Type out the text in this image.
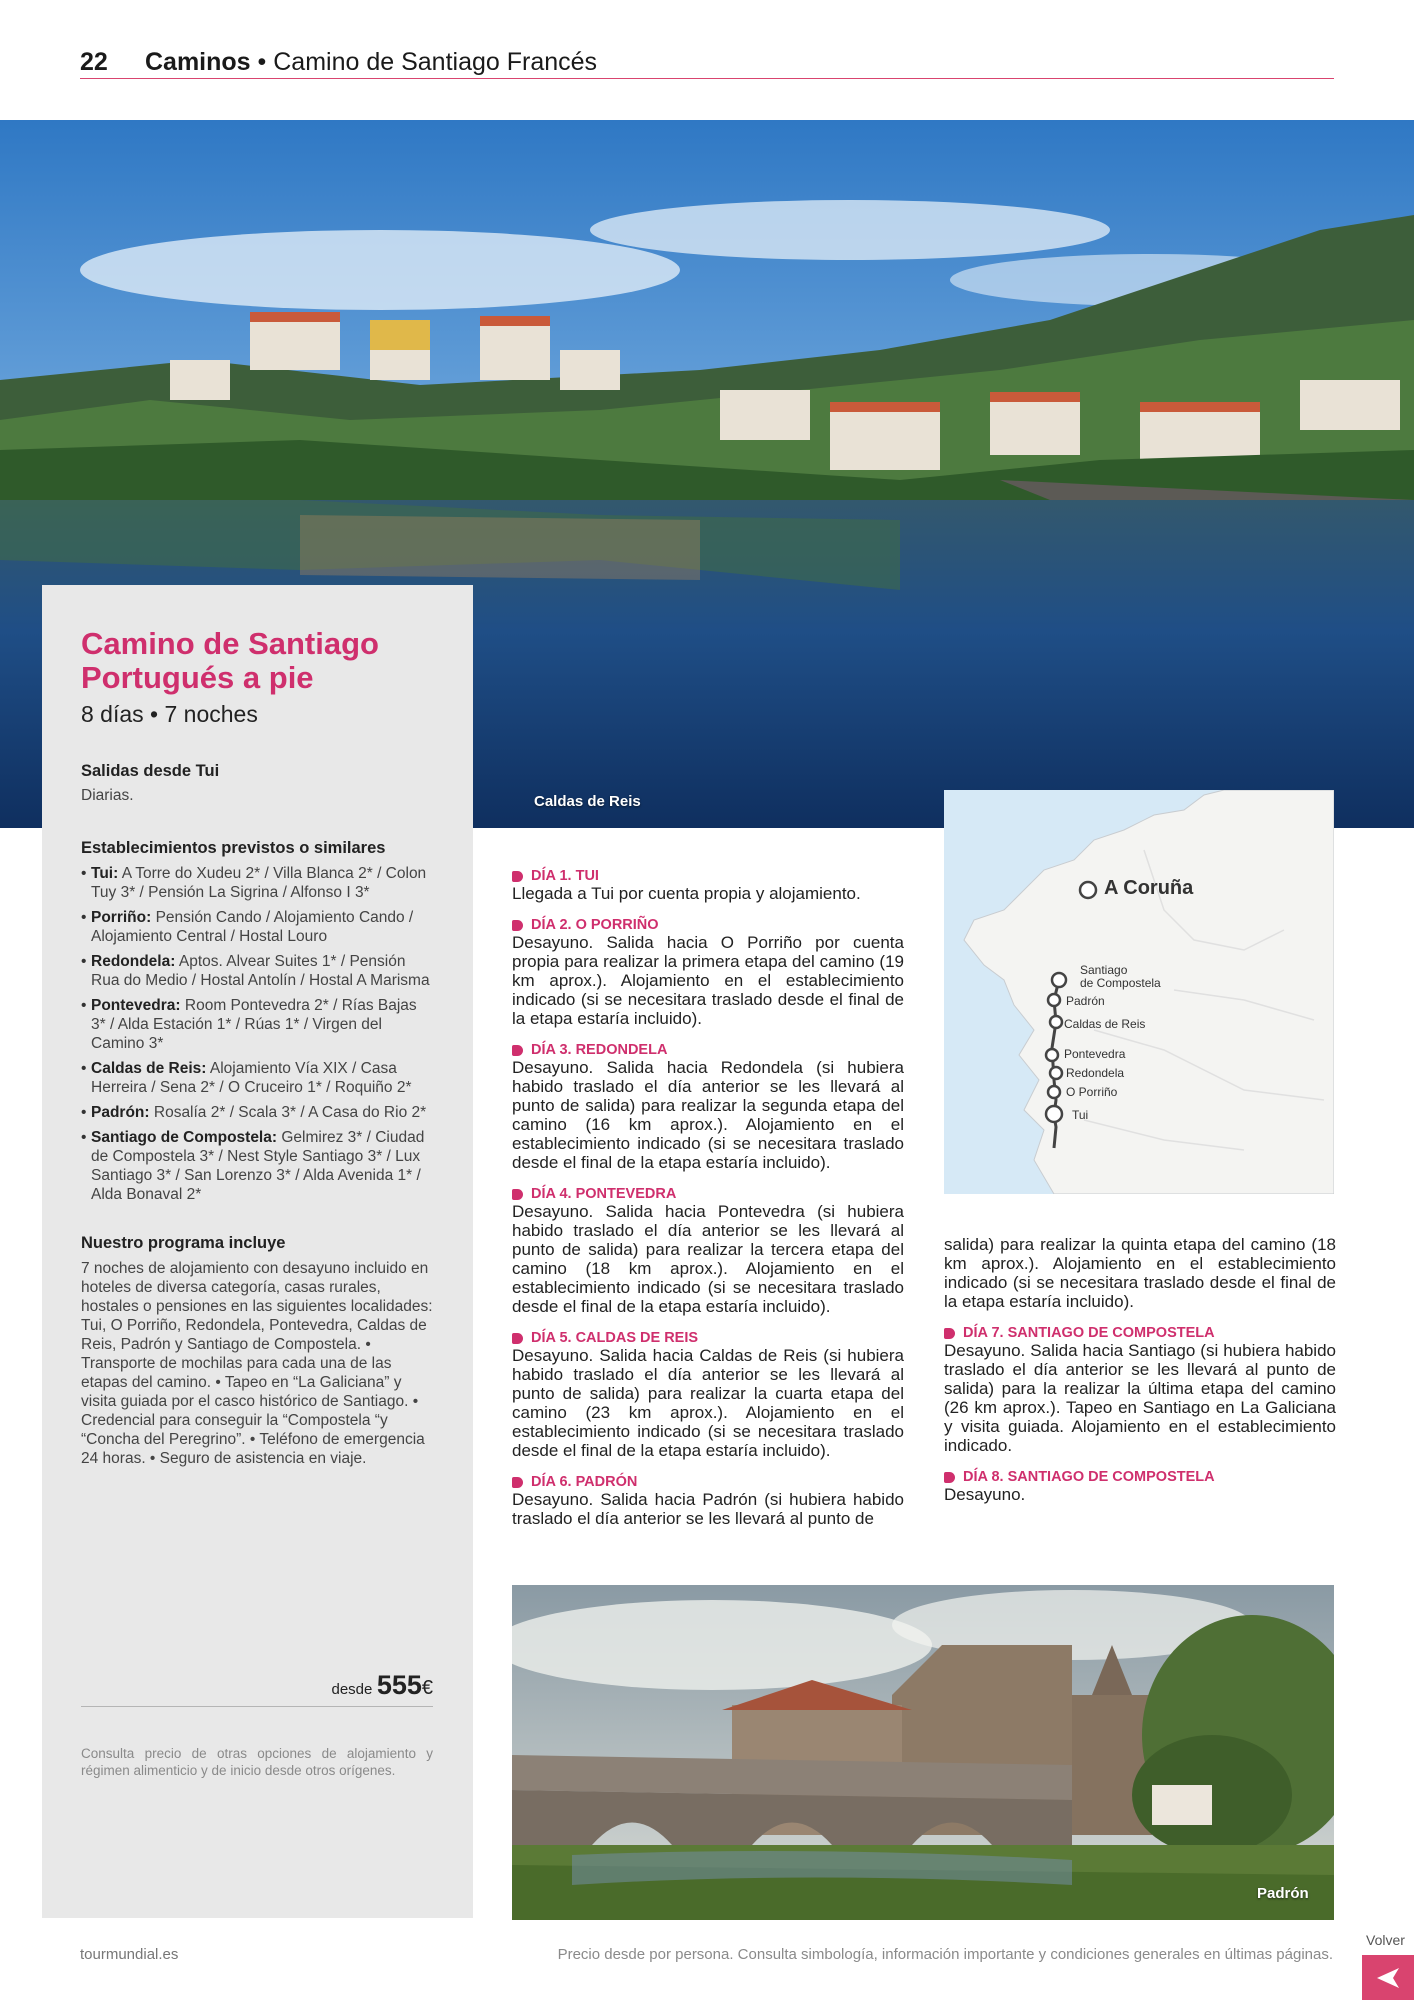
22 Caminos • Camino de Santiago Francés
Caldas de Reis
Camino de Santiago
Portugués a pie
8 días • 7 noches
Salidas desde Tui
Diarias.
Establecimientos previstos o similares
• Tui: A Torre do Xudeu 2* / Villa Blanca 2* / Colon Tuy 3* / Pensión La Sigrina / Alfonso I 3*
• Porriño: Pensión Cando / Alojamiento Cando / Alojamiento Central / Hostal Louro
• Redondela: Aptos. Alvear Suites 1* / Pensión Rua do Medio / Hostal Antolín / Hostal A Marisma
• Pontevedra: Room Pontevedra 2* / Rías Bajas 3* / Alda Estación 1* / Rúas 1* / Virgen del Camino 3*
• Caldas de Reis: Alojamiento Vía XIX / Casa Herreira / Sena 2* / O Cruceiro 1* / Roquiño 2*
• Padrón: Rosalía 2* / Scala 3* / A Casa do Rio 2*
• Santiago de Compostela: Gelmirez 3* / Ciudad de Compostela 3* / Nest Style Santiago 3* / Lux Santiago 3* / San Lorenzo 3* / Alda Avenida 1* / Alda Bonaval 2*
Nuestro programa incluye
7 noches de alojamiento con desayuno incluido en hoteles de diversa categoría, casas rurales, hostales o pensiones en las siguientes localidades: Tui, O Porriño, Redondela, Pontevedra, Caldas de Reis, Padrón y Santiago de Compostela. • Transporte de mochilas para cada una de las etapas del camino. • Tapeo en “La Galiciana” y visita guiada por el casco histórico de Santiago. • Credencial para conseguir la “Compostela “y “Concha del Peregrino”. • Teléfono de emergencia 24 horas. • Seguro de asistencia en viaje.
desde 555€
Consulta precio de otras opciones de alojamiento y régimen alimenticio y de inicio desde otros orígenes.
DÍA 1. TUI
Llegada a Tui por cuenta propia y alojamiento.
DÍA 2. O PORRIÑO
Desayuno. Salida hacia O Porriño por cuenta propia para realizar la primera etapa del camino (19 km aprox.). Alojamiento en el establecimiento indicado (si se necesitara traslado desde el final de la etapa estaría incluido).
DÍA 3. REDONDELA
Desayuno. Salida hacia Redondela (si hubiera habido traslado el día anterior se les llevará al punto de salida) para realizar la segunda etapa del camino (16 km aprox.). Alojamiento en el establecimiento indicado (si se necesitara traslado desde el final de la etapa estaría incluido).
DÍA 4. PONTEVEDRA
Desayuno. Salida hacia Pontevedra (si hubiera habido traslado el día anterior se les llevará al punto de salida) para realizar la tercera etapa del camino (18 km aprox.). Alojamiento en el establecimiento indicado (si se necesitara traslado desde el final de la etapa estaría incluido).
DÍA 5. CALDAS DE REIS
Desayuno. Salida hacia Caldas de Reis (si hubiera habido traslado el día anterior se les llevará al punto de salida) para realizar la cuarta etapa del camino (23 km aprox.). Alojamiento en el establecimiento indicado (si se necesitara traslado desde el final de la etapa estaría incluido).
DÍA 6. PADRÓN
Desayuno. Salida hacia Padrón (si hubiera habido traslado el día anterior se les llevará al punto de
A Coruña
Santiago
de Compostela
Padrón
Caldas de Reis
Pontevedra
Redondela
O Porriño
Tui
salida) para realizar la quinta etapa del camino (18 km aprox.). Alojamiento en el establecimiento indicado (si se necesitara traslado desde el final de la etapa estaría incluido).
DÍA 7. SANTIAGO DE COMPOSTELA
Desayuno. Salida hacia Santiago (si hubiera habido traslado el día anterior se les llevará al punto de salida) para la realizar la última etapa del camino (26 km aprox.). Tapeo en Santiago en La Galiciana y visita guiada. Alojamiento en el establecimiento indicado.
DÍA 8. SANTIAGO DE COMPOSTELA
Desayuno.
Padrón
tourmundial.es	Precio desde por persona. Consulta simbología, información importante y condiciones generales en últimas páginas.
Volver
